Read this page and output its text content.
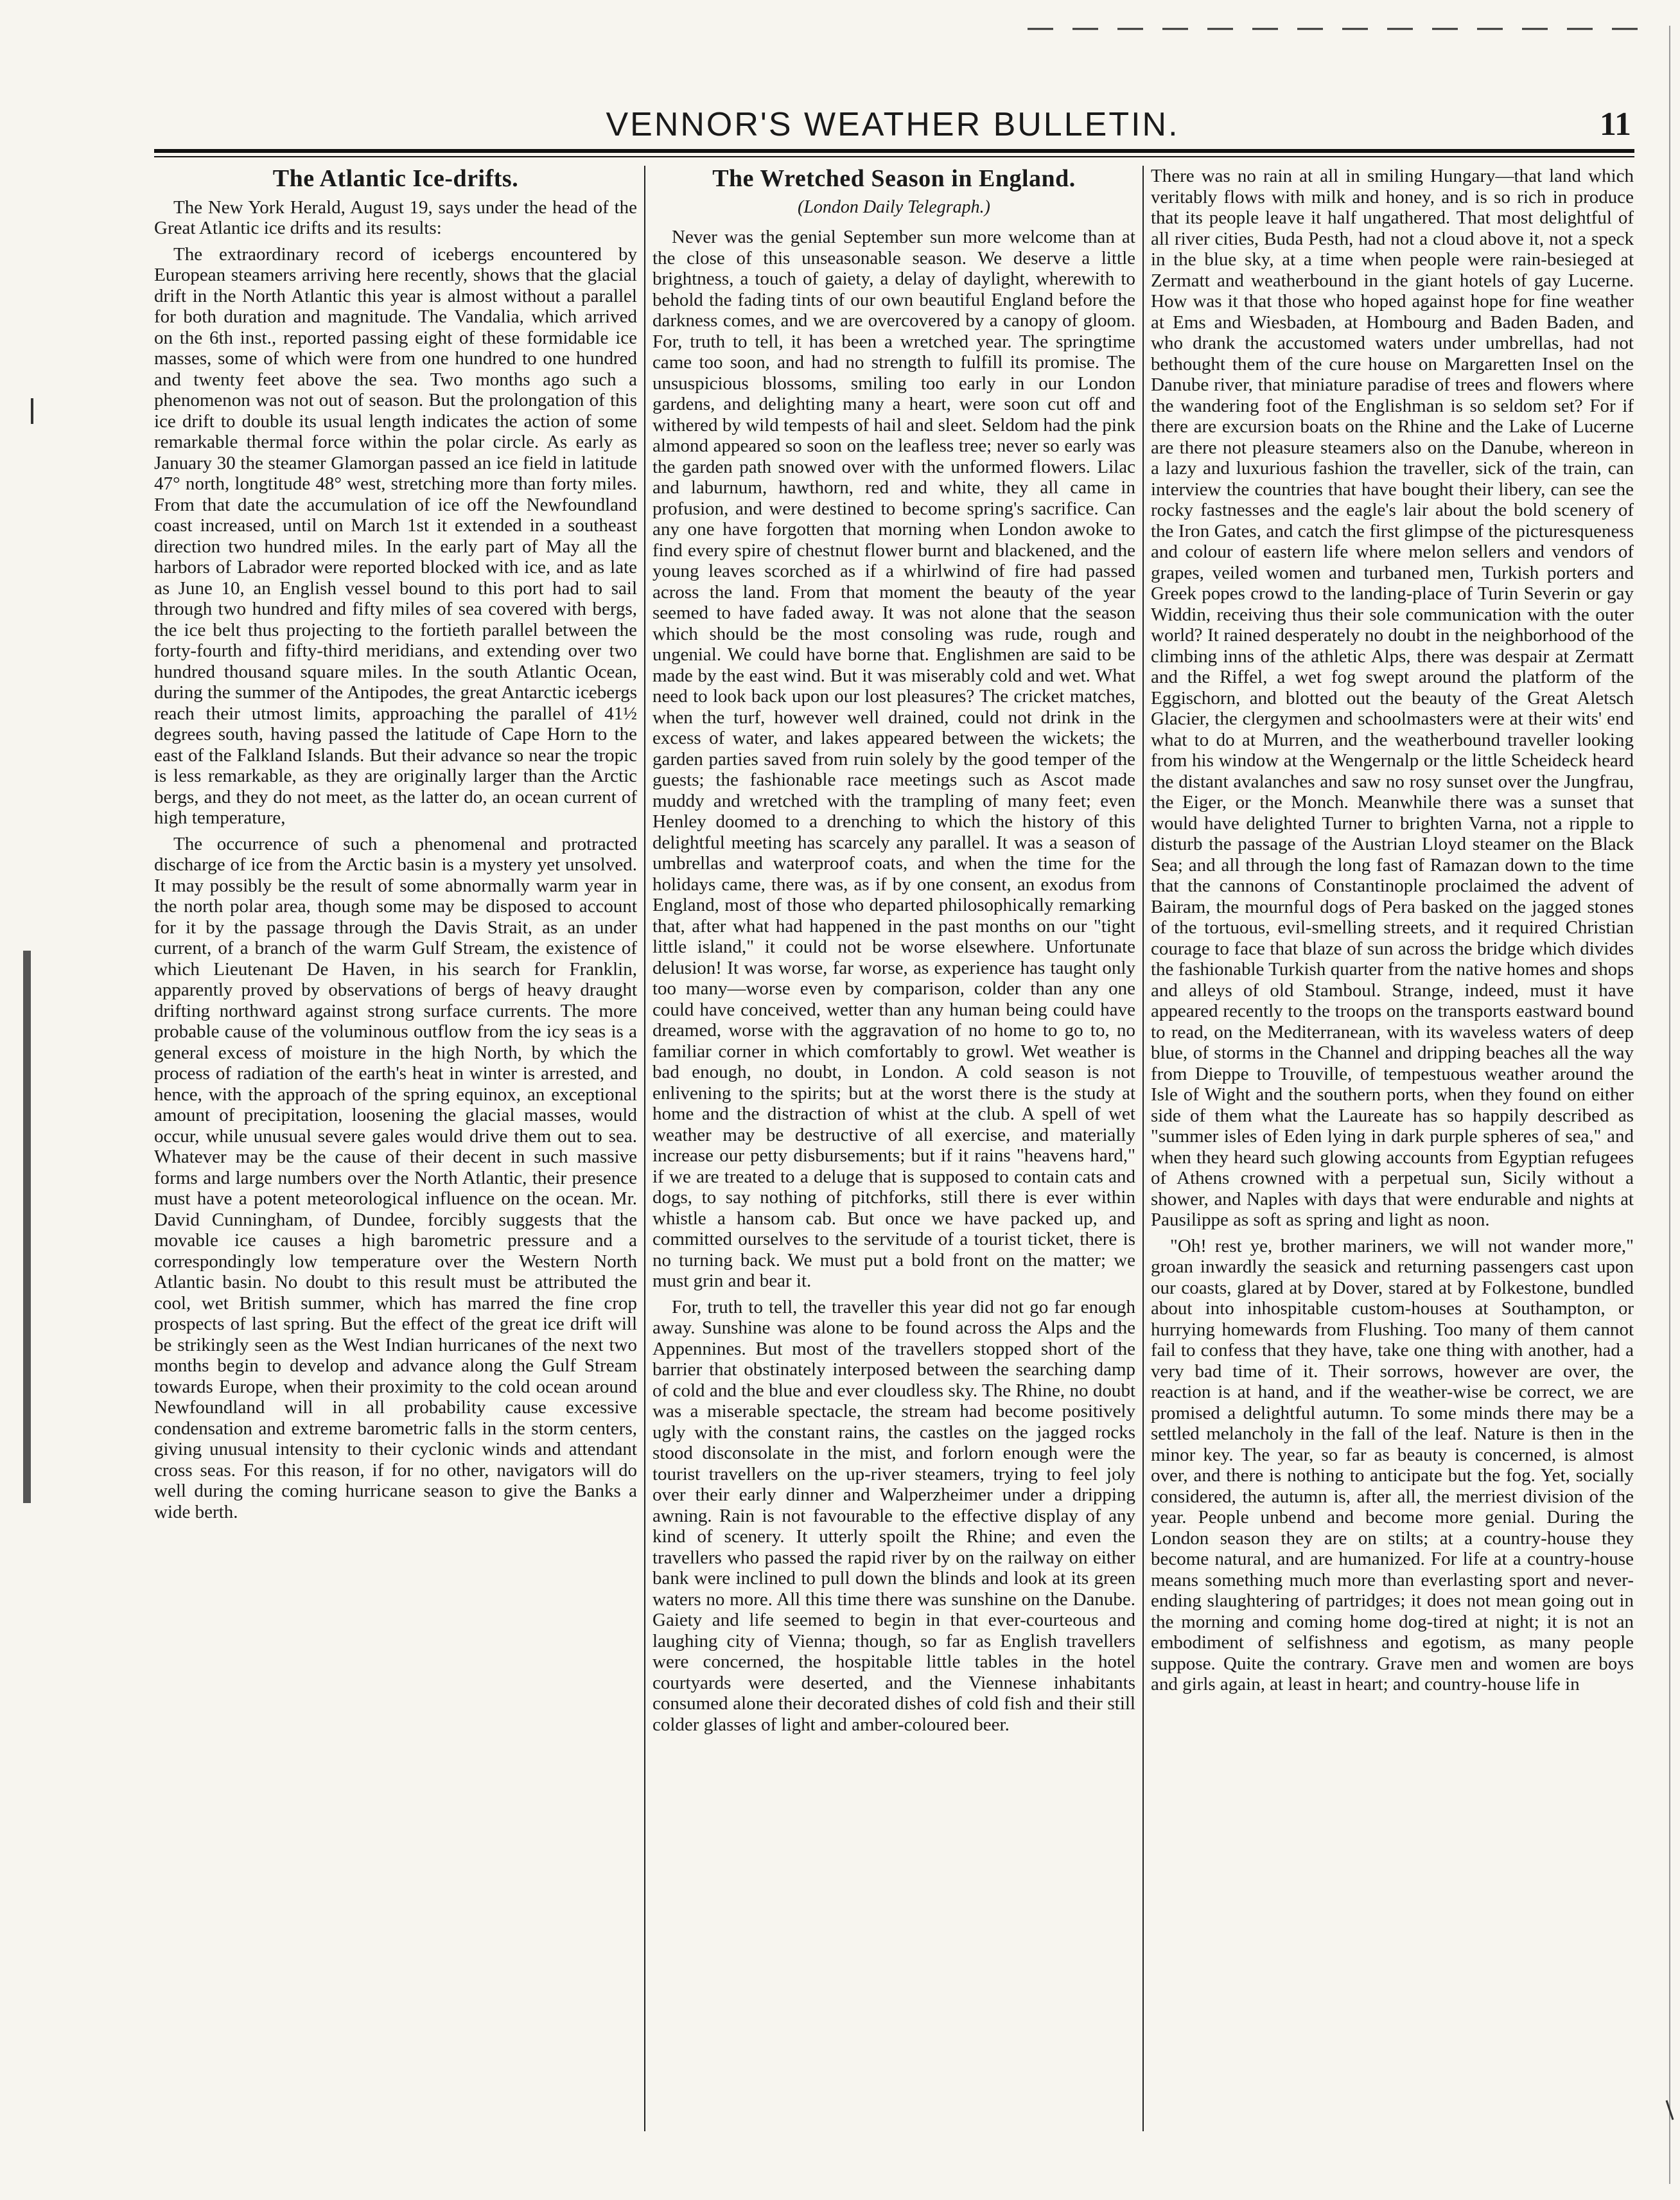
VENNOR'S WEATHER BULLETIN.	11
The Atlantic Ice-drifts.

The New York Herald, August 19, says under the head of the Great Atlantic ice drifts and its results:

The extraordinary record of icebergs encountered by European steamers arriving here recently, shows that the glacial drift in the North Atlantic this year is almost without a parallel for both duration and magnitude. The Vandalia, which arrived on the 6th inst., reported passing eight of these formidable ice masses, some of which were from one hundred to one hundred and twenty feet above the sea. Two months ago such a phenomenon was not out of season. But the prolongation of this ice drift to double its usual length indicates the action of some remarkable thermal force within the polar circle. As early as January 30 the steamer Glamorgan passed an ice field in latitude 47° north, longtitude 48° west, stretching more than forty miles. From that date the accumulation of ice off the Newfoundland coast increased, until on March 1st it extended in a southeast direction two hundred miles. In the early part of May all the harbors of Labrador were reported blocked with ice, and as late as June 10, an English vessel bound to this port had to sail through two hundred and fifty miles of sea covered with bergs, the ice belt thus projecting to the fortieth parallel between the forty-fourth and fifty-third meridians, and extending over two hundred thousand square miles. In the south Atlantic Ocean, during the summer of the Antipodes, the great Antarctic icebergs reach their utmost limits, approaching the parallel of 41½ degrees south, having passed the latitude of Cape Horn to the east of the Falkland Islands. But their advance so near the tropic is less remarkable, as they are originally larger than the Arctic bergs, and they do not meet, as the latter do, an ocean current of high temperature,

The occurrence of such a phenomenal and protracted discharge of ice from the Arctic basin is a mystery yet unsolved. It may possibly be the result of some abnormally warm year in the north polar area, though some may be disposed to account for it by the passage through the Davis Strait, as an under current, of a branch of the warm Gulf Stream, the existence of which Lieutenant De Haven, in his search for Franklin, apparently proved by observations of bergs of heavy draught drifting northward against strong surface currents. The more probable cause of the voluminous outflow from the icy seas is a general excess of moisture in the high North, by which the process of radiation of the earth's heat in winter is arrested, and hence, with the approach of the spring equinox, an exceptional amount of precipitation, loosening the glacial masses, would occur, while unusual severe gales would drive them out to sea. Whatever may be the cause of their decent in such massive forms and large numbers over the North Atlantic, their presence must have a potent meteorological influence on the ocean. Mr. David Cunningham, of Dundee, forcibly suggests that the movable ice causes a high barometric pressure and a correspondingly low temperature over the Western North Atlantic basin. No doubt to this result must be attributed the cool, wet British summer, which has marred the fine crop prospects of last spring. But the effect of the great ice drift will be strikingly seen as the West Indian hurricanes of the next two months begin to develop and advance along the Gulf Stream towards Europe, when their proximity to the cold ocean around Newfoundland will in all probability cause excessive condensation and extreme barometric falls in the storm centers, giving unusual intensity to their cyclonic winds and attendant cross seas. For this reason, if for no other, navigators will do well during the coming hurricane season to give the Banks a wide berth.

The Wretched Season in England.
(London Daily Telegraph.)

Never was the genial September sun more welcome than at the close of this unseasonable season. We deserve a little brightness, a touch of gaiety, a delay of daylight, wherewith to behold the fading tints of our own beautiful England before the darkness comes, and we are overcovered by a canopy of gloom. For, truth to tell, it has been a wretched year. The springtime came too soon, and had no strength to fulfill its promise. The unsuspicious blossoms, smiling too early in our London gardens, and delighting many a heart, were soon cut off and withered by wild tempests of hail and sleet. Seldom had the pink almond appeared so soon on the leafless tree; never so early was the garden path snowed over with the unformed flowers. Lilac and laburnum, hawthorn, red and white, they all came in profusion, and were destined to become spring's sacrifice. Can any one have forgotten that morning when London awoke to find every spire of chestnut flower burnt and blackened, and the young leaves scorched as if a whirlwind of fire had passed across the land. From that moment the beauty of the year seemed to have faded away. It was not alone that the season which should be the most consoling was rude, rough and ungenial. We could have borne that. Englishmen are said to be made by the east wind. But it was miserably cold and wet. What need to look back upon our lost pleasures? The cricket matches, when the turf, however well drained, could not drink in the excess of water, and lakes appeared between the wickets; the garden parties saved from ruin solely by the good temper of the guests; the fashionable race meetings such as Ascot made muddy and wretched with the trampling of many feet; even Henley doomed to a drenching to which the history of this delightful meeting has scarcely any parallel. It was a season of umbrellas and waterproof coats, and when the time for the holidays came, there was, as if by one consent, an exodus from England, most of those who departed philosophically remarking that, after what had happened in the past months on our "tight little island," it could not be worse elsewhere. Unfortunate delusion! It was worse, far worse, as experience has taught only too many—worse even by comparison, colder than any one could have conceived, wetter than any human being could have dreamed, worse with the aggravation of no home to go to, no familiar corner in which comfortably to growl. Wet weather is bad enough, no doubt, in London. A cold season is not enlivening to the spirits; but at the worst there is the study at home and the distraction of whist at the club. A spell of wet weather may be destructive of all exercise, and materially increase our petty disbursements; but if it rains "heavens hard," if we are treated to a deluge that is supposed to contain cats and dogs, to say nothing of pitchforks, still there is ever within whistle a hansom cab. But once we have packed up, and committed ourselves to the servitude of a tourist ticket, there is no turning back. We must put a bold front on the matter; we must grin and bear it.

For, truth to tell, the traveller this year did not go far enough away. Sunshine was alone to be found across the Alps and the Appennines. But most of the travellers stopped short of the barrier that obstinately interposed between the searching damp of cold and the blue and ever cloudless sky. The Rhine, no doubt was a miserable spectacle, the stream had become positively ugly with the constant rains, the castles on the jagged rocks stood disconsolate in the mist, and forlorn enough were the tourist travellers on the up-river steamers, trying to feel joly over their early dinner and Walperzheimer under a dripping awning. Rain is not favourable to the effective display of any kind of scenery. It utterly spoilt the Rhine; and even the travellers who passed the rapid river by on the railway on either bank were inclined to pull down the blinds and look at its green waters no more. All this time there was sunshine on the Danube. Gaiety and life seemed to begin in that ever-courteous and laughing city of Vienna; though, so far as English travellers were concerned, the hospitable little tables in the hotel courtyards were deserted, and the Viennese inhabitants consumed alone their decorated dishes of cold fish and their still colder glasses of light and amber-coloured beer.

There was no rain at all in smiling Hungary—that land which veritably flows with milk and honey, and is so rich in produce that its people leave it half ungathered. That most delightful of all river cities, Buda Pesth, had not a cloud above it, not a speck in the blue sky, at a time when people were rain-besieged at Zermatt and weatherbound in the giant hotels of gay Lucerne. How was it that those who hoped against hope for fine weather at Ems and Wiesbaden, at Hombourg and Baden Baden, and who drank the accustomed waters under umbrellas, had not bethought them of the cure house on Margaretten Insel on the Danube river, that miniature paradise of trees and flowers where the wandering foot of the Englishman is so seldom set? For if there are excursion boats on the Rhine and the Lake of Lucerne are there not pleasure steamers also on the Danube, whereon in a lazy and luxurious fashion the traveller, sick of the train, can interview the countries that have bought their libery, can see the rocky fastnesses and the eagle's lair about the bold scenery of the Iron Gates, and catch the first glimpse of the picturesqueness and colour of eastern life where melon sellers and vendors of grapes, veiled women and turbaned men, Turkish porters and Greek popes crowd to the landing-place of Turin Severin or gay Widdin, receiving thus their sole communication with the outer world? It rained desperately no doubt in the neighborhood of the climbing inns of the athletic Alps, there was despair at Zermatt and the Riffel, a wet fog swept around the platform of the Eggischorn, and blotted out the beauty of the Great Aletsch Glacier, the clergymen and schoolmasters were at their wits' end what to do at Murren, and the weatherbound traveller looking from his window at the Wengernalp or the little Scheideck heard the distant avalanches and saw no rosy sunset over the Jungfrau, the Eiger, or the Monch. Meanwhile there was a sunset that would have delighted Turner to brighten Varna, not a ripple to disturb the passage of the Austrian Lloyd steamer on the Black Sea; and all through the long fast of Ramazan down to the time that the cannons of Constantinople proclaimed the advent of Bairam, the mournful dogs of Pera basked on the jagged stones of the tortuous, evil-smelling streets, and it required Christian courage to face that blaze of sun across the bridge which divides the fashionable Turkish quarter from the native homes and shops and alleys of old Stamboul. Strange, indeed, must it have appeared recently to the troops on the transports eastward bound to read, on the Mediterranean, with its waveless waters of deep blue, of storms in the Channel and dripping beaches all the way from Dieppe to Trouville, of tempestuous weather around the Isle of Wight and the southern ports, when they found on either side of them what the Laureate has so happily described as "summer isles of Eden lying in dark purple spheres of sea," and when they heard such glowing accounts from Egyptian refugees of Athens crowned with a perpetual sun, Sicily without a shower, and Naples with days that were endurable and nights at Pausilippe as soft as spring and light as noon.

"Oh! rest ye, brother mariners, we will not wander more," groan inwardly the seasick and returning passengers cast upon our coasts, glared at by Dover, stared at by Folkestone, bundled about into inhospitable custom-houses at Southampton, or hurrying homewards from Flushing. Too many of them cannot fail to confess that they have, take one thing with another, had a very bad time of it. Their sorrows, however are over, the reaction is at hand, and if the weather-wise be correct, we are promised a delightful autumn. To some minds there may be a settled melancholy in the fall of the leaf. Nature is then in the minor key. The year, so far as beauty is concerned, is almost over, and there is nothing to anticipate but the fog. Yet, socially considered, the autumn is, after all, the merriest division of the year. People unbend and become more genial. During the London season they are on stilts; at a country-house they become natural, and are humanized. For life at a country-house means something much more than everlasting sport and never-ending slaughtering of partridges; it does not mean going out in the morning and coming home dog-tired at night; it is not an embodiment of selfishness and egotism, as many people suppose. Quite the contrary. Grave men and women are boys and girls again, at least in heart; and country-house life in
